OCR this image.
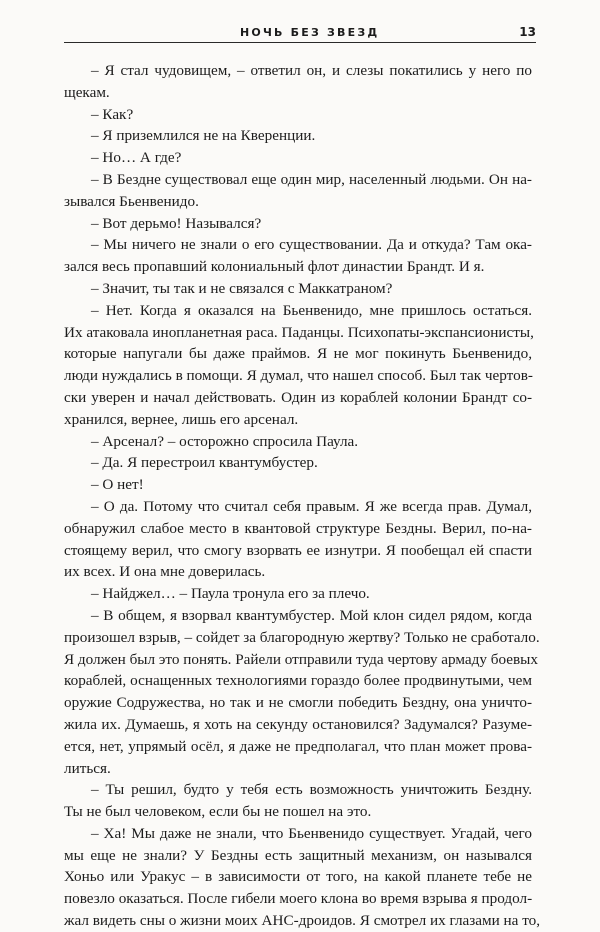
НОЧЬ БЕЗ ЗВЕЗД	13
– Я стал чудовищем, – ответил он, и слезы покатились у него по
щекам.
– Как?
– Я приземлился не на Кверенции.
– Но… А где?
– В Бездне существовал еще один мир, населенный людьми. Он на-
зывался Бьенвенидо.
– Вот дерьмо! Назывался?
– Мы ничего не знали о его существовании. Да и откуда? Там ока-
зался весь пропавший колониальный флот династии Брандт. И я.
– Значит, ты так и не связался с Маккатраном?
– Нет. Когда я оказался на Бьенвенидо, мне пришлось остаться.
Их атаковала инопланетная раса. Паданцы. Психопаты-экспансионисты,
которые напугали бы даже праймов. Я не мог покинуть Бьенвенидо,
люди нуждались в помощи. Я думал, что нашел способ. Был так чертов-
ски уверен и начал действовать. Один из кораблей колонии Брандт со-
хранился, вернее, лишь его арсенал.
– Арсенал? – осторожно спросила Паула.
– Да. Я перестроил квантумбустер.
– О нет!
– О да. Потому что считал себя правым. Я же всегда прав. Думал,
обнаружил слабое место в квантовой структуре Бездны. Верил, по-на-
стоящему верил, что смогу взорвать ее изнутри. Я пообещал ей спасти
их всех. И она мне доверилась.
– Найджел… – Паула тронула его за плечо.
– В общем, я взорвал квантумбустер. Мой клон сидел рядом, когда
произошел взрыв, – сойдет за благородную жертву? Только не сработало.
Я должен был это понять. Райели отправили туда чертову армаду боевых
кораблей, оснащенных технологиями гораздо более продвинутыми, чем
оружие Содружества, но так и не смогли победить Бездну, она уничто-
жила их. Думаешь, я хоть на секунду остановился? Задумался? Разуме-
ется, нет, упрямый осёл, я даже не предполагал, что план может прова-
литься.
– Ты решил, будто у тебя есть возможность уничтожить Бездну.
Ты не был человеком, если бы не пошел на это.
– Ха! Мы даже не знали, что Бьенвенидо существует. Угадай, чего
мы еще не знали? У Бездны есть защитный механизм, он назывался
Хоньо или Уракус – в зависимости от того, на какой планете тебе не
повезло оказаться. После гибели моего клона во время взрыва я продол-
жал видеть сны о жизни моих АНС-дроидов. Я смотрел их глазами на то,
